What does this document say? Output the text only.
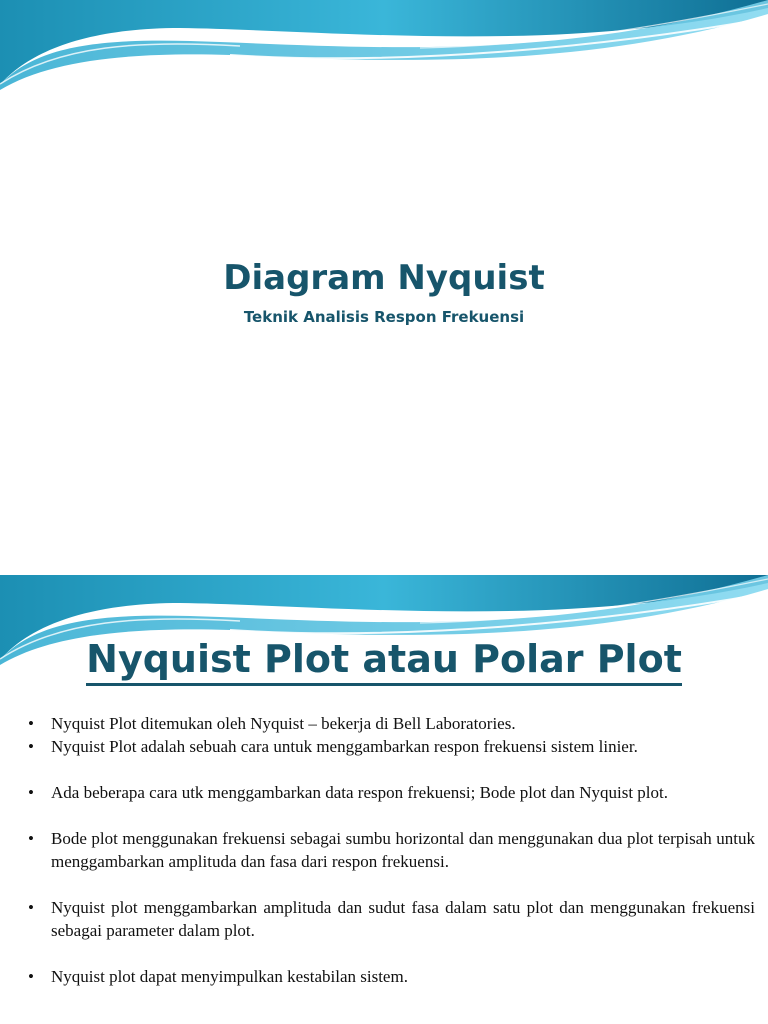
Diagram Nyquist

Teknik Analisis Respon Frekuensi

Nyquist Plot atau Polar Plot
•	Nyquist Plot ditemukan oleh Nyquist – bekerja di Bell Laboratories.
•	Nyquist Plot adalah sebuah cara untuk menggambarkan respon frekuensi sistem linier.
•	Ada beberapa cara utk menggambarkan data respon frekuensi; Bode plot dan Nyquist plot.
•	Bode plot menggunakan frekuensi sebagai sumbu horizontal dan menggunakan dua plot terpisah untuk menggambarkan amplituda dan fasa dari respon frekuensi.
•	Nyquist plot menggambarkan amplituda dan sudut fasa dalam satu plot dan menggunakan frekuensi sebagai parameter dalam plot.
•	Nyquist plot dapat menyimpulkan kestabilan sistem.
